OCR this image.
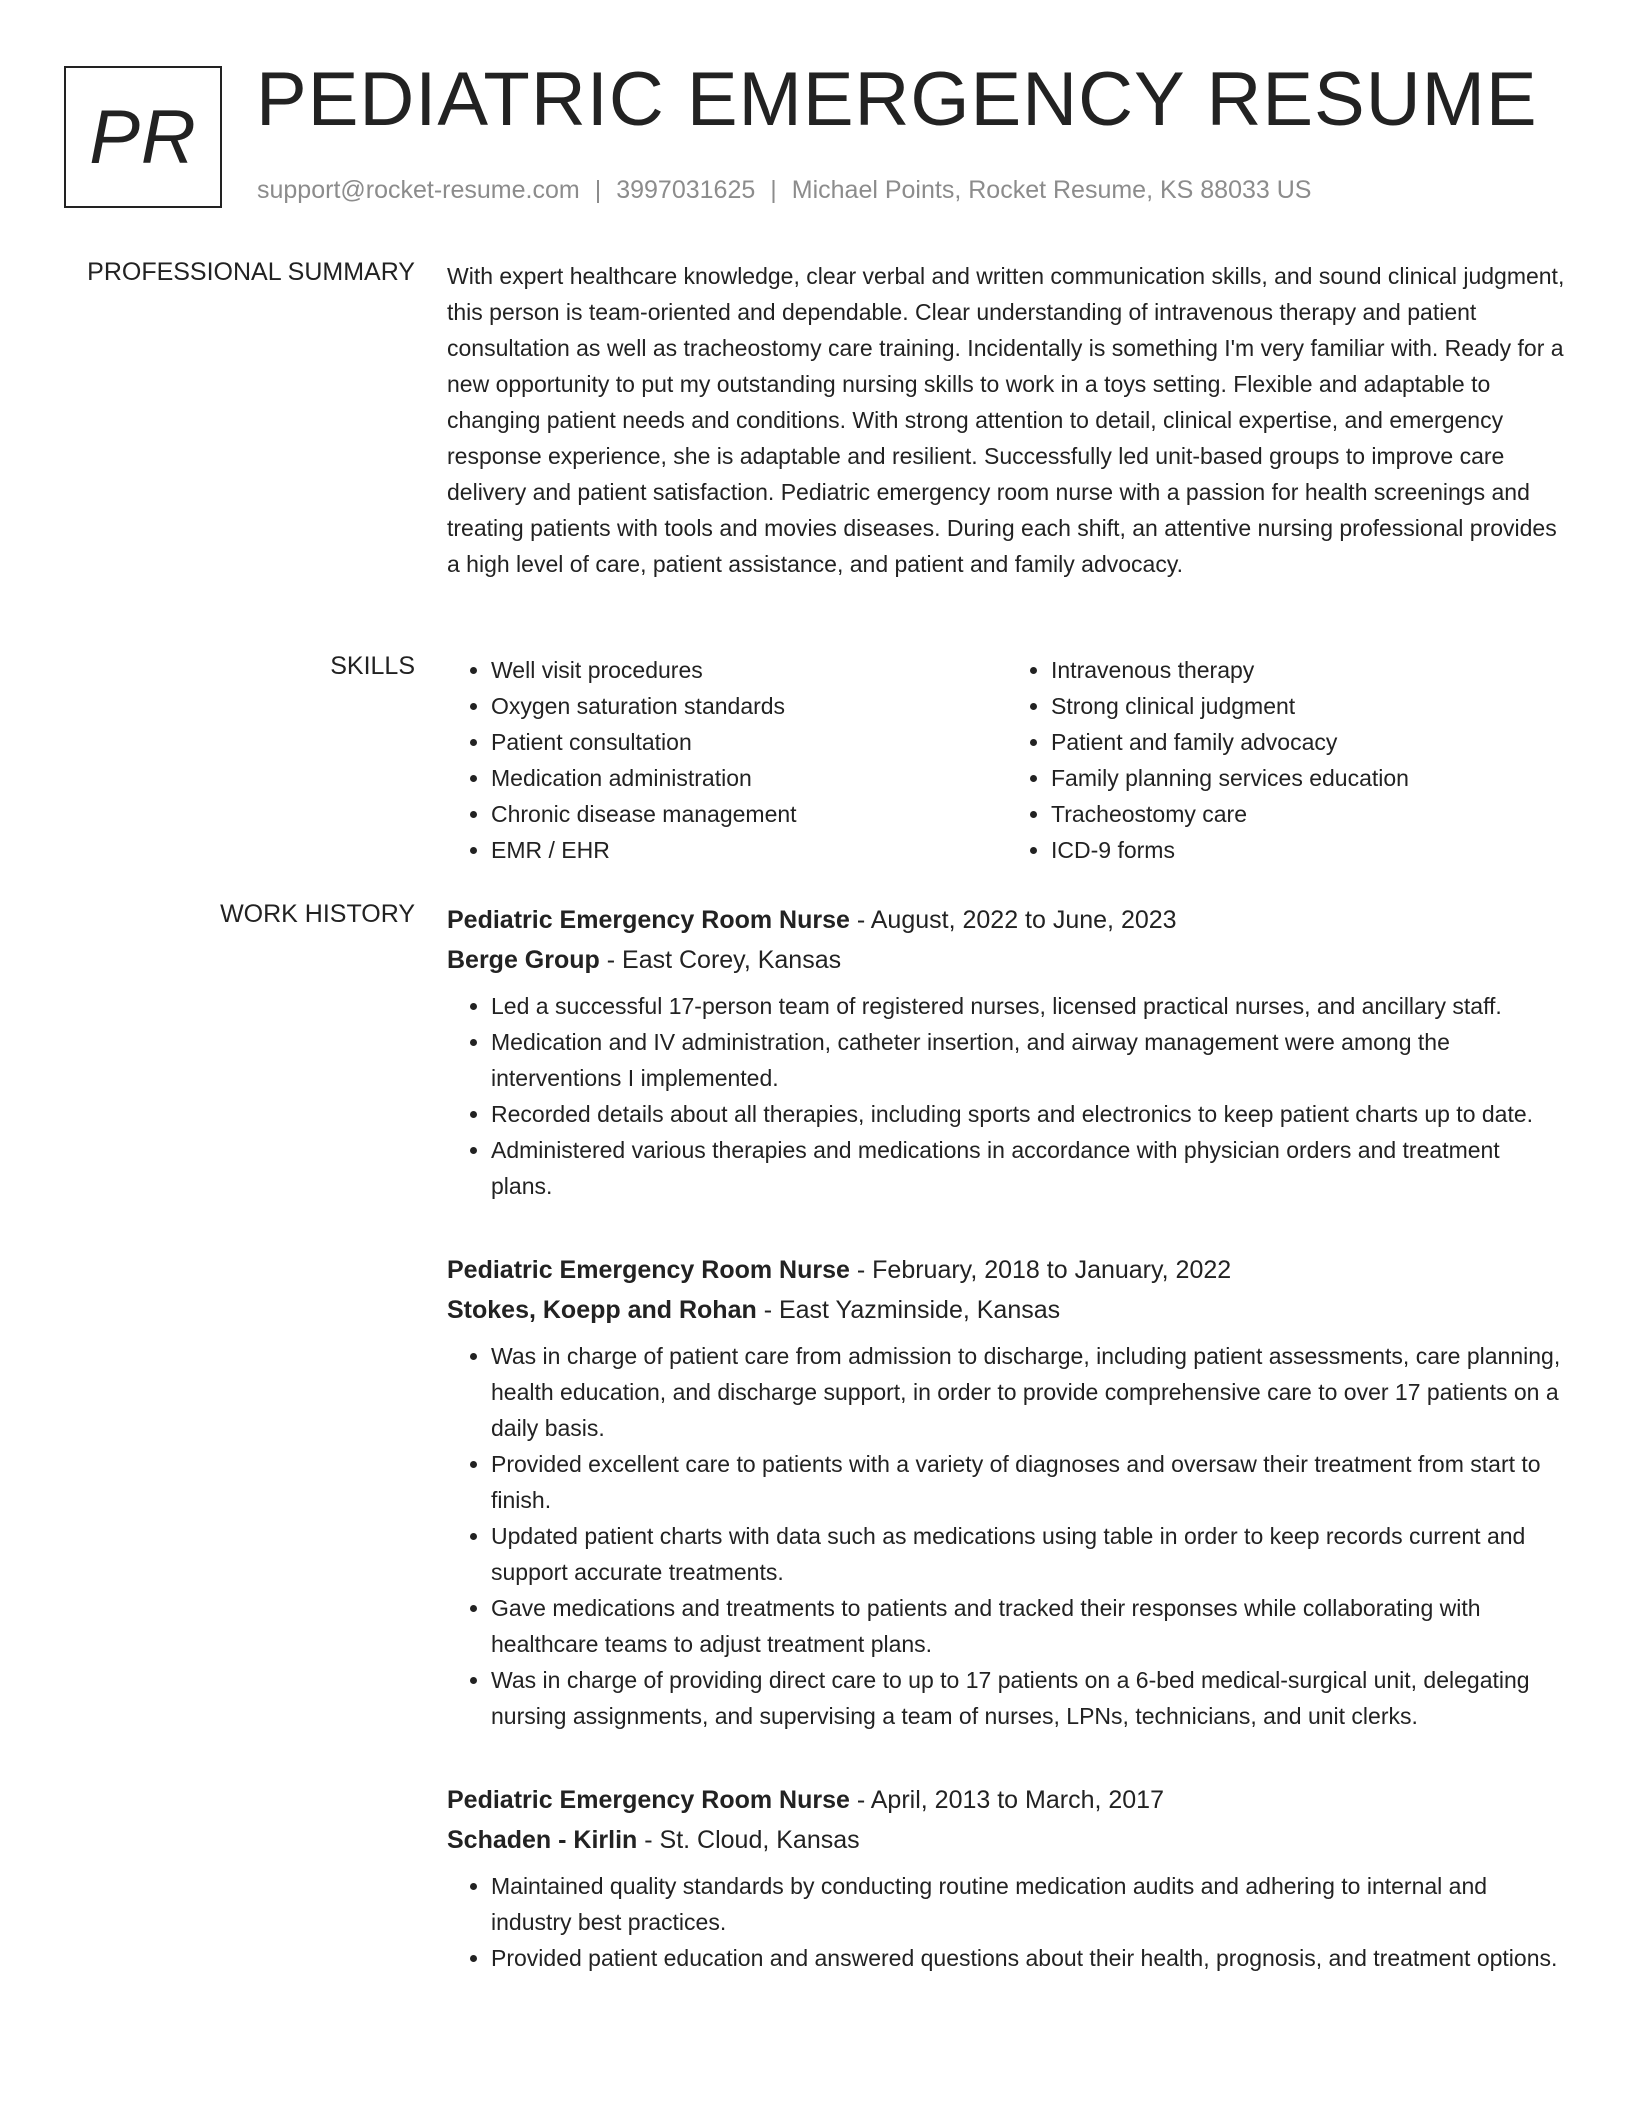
PR PEDIATRIC EMERGENCY RESUME
support@rocket-resume.com | 3997031625 | Michael Points, Rocket Resume, KS 88033 US
PROFESSIONAL SUMMARY With expert healthcare knowledge, clear verbal and written communication skills, and sound clinical judgment, this person is team-oriented and dependable. Clear understanding of intravenous therapy and patient consultation as well as tracheostomy care training. Incidentally is something I'm very familiar with. Ready for a new opportunity to put my outstanding nursing skills to work in a toys setting. Flexible and adaptable to changing patient needs and conditions. With strong attention to detail, clinical expertise, and emergency response experience, she is adaptable and resilient. Successfully led unit-based groups to improve care delivery and patient satisfaction. Pediatric emergency room nurse with a passion for health screenings and treating patients with tools and movies diseases. During each shift, an attentive nursing professional provides a high level of care, patient assistance, and patient and family advocacy.

SKILLS
•	Well visit procedures
• Oxygen saturation standards
• Patient consultation
• Medication administration
• Chronic disease management
• EMR / EHR
• Intravenous therapy
• Strong clinical judgment
• Patient and family advocacy
• Family planning services education
• Tracheostomy care
• ICD-9 forms
WORK HISTORY Pediatric Emergency Room Nurse - August, 2022 to June, 2023
Berge Group - East Corey, Kansas
• Led a successful 17-person team of registered nurses, licensed practical nurses, and ancillary staff.
• Medication and IV administration, catheter insertion, and airway management were among the interventions I implemented.
• Recorded details about all therapies, including sports and electronics to keep patient charts up to date.
• Administered various therapies and medications in accordance with physician orders and treatment plans.
Pediatric Emergency Room Nurse - February, 2018 to January, 2022
Stokes, Koepp and Rohan - East Yazminside, Kansas
• Was in charge of patient care from admission to discharge, including patient assessments, care planning, health education, and discharge support, in order to provide comprehensive care to over 17 patients on a daily basis.
• Provided excellent care to patients with a variety of diagnoses and oversaw their treatment from start to finish.
• Updated patient charts with data such as medications using table in order to keep records current and support accurate treatments.
• Gave medications and treatments to patients and tracked their responses while collaborating with healthcare teams to adjust treatment plans.
• Was in charge of providing direct care to up to 17 patients on a 6-bed medical-surgical unit, delegating nursing assignments, and supervising a team of nurses, LPNs, technicians, and unit clerks.
Pediatric Emergency Room Nurse - April, 2013 to March, 2017
Schaden - Kirlin - St. Cloud, Kansas
• Maintained quality standards by conducting routine medication audits and adhering to internal and industry best practices.
• Provided patient education and answered questions about their health, prognosis, and treatment options.
